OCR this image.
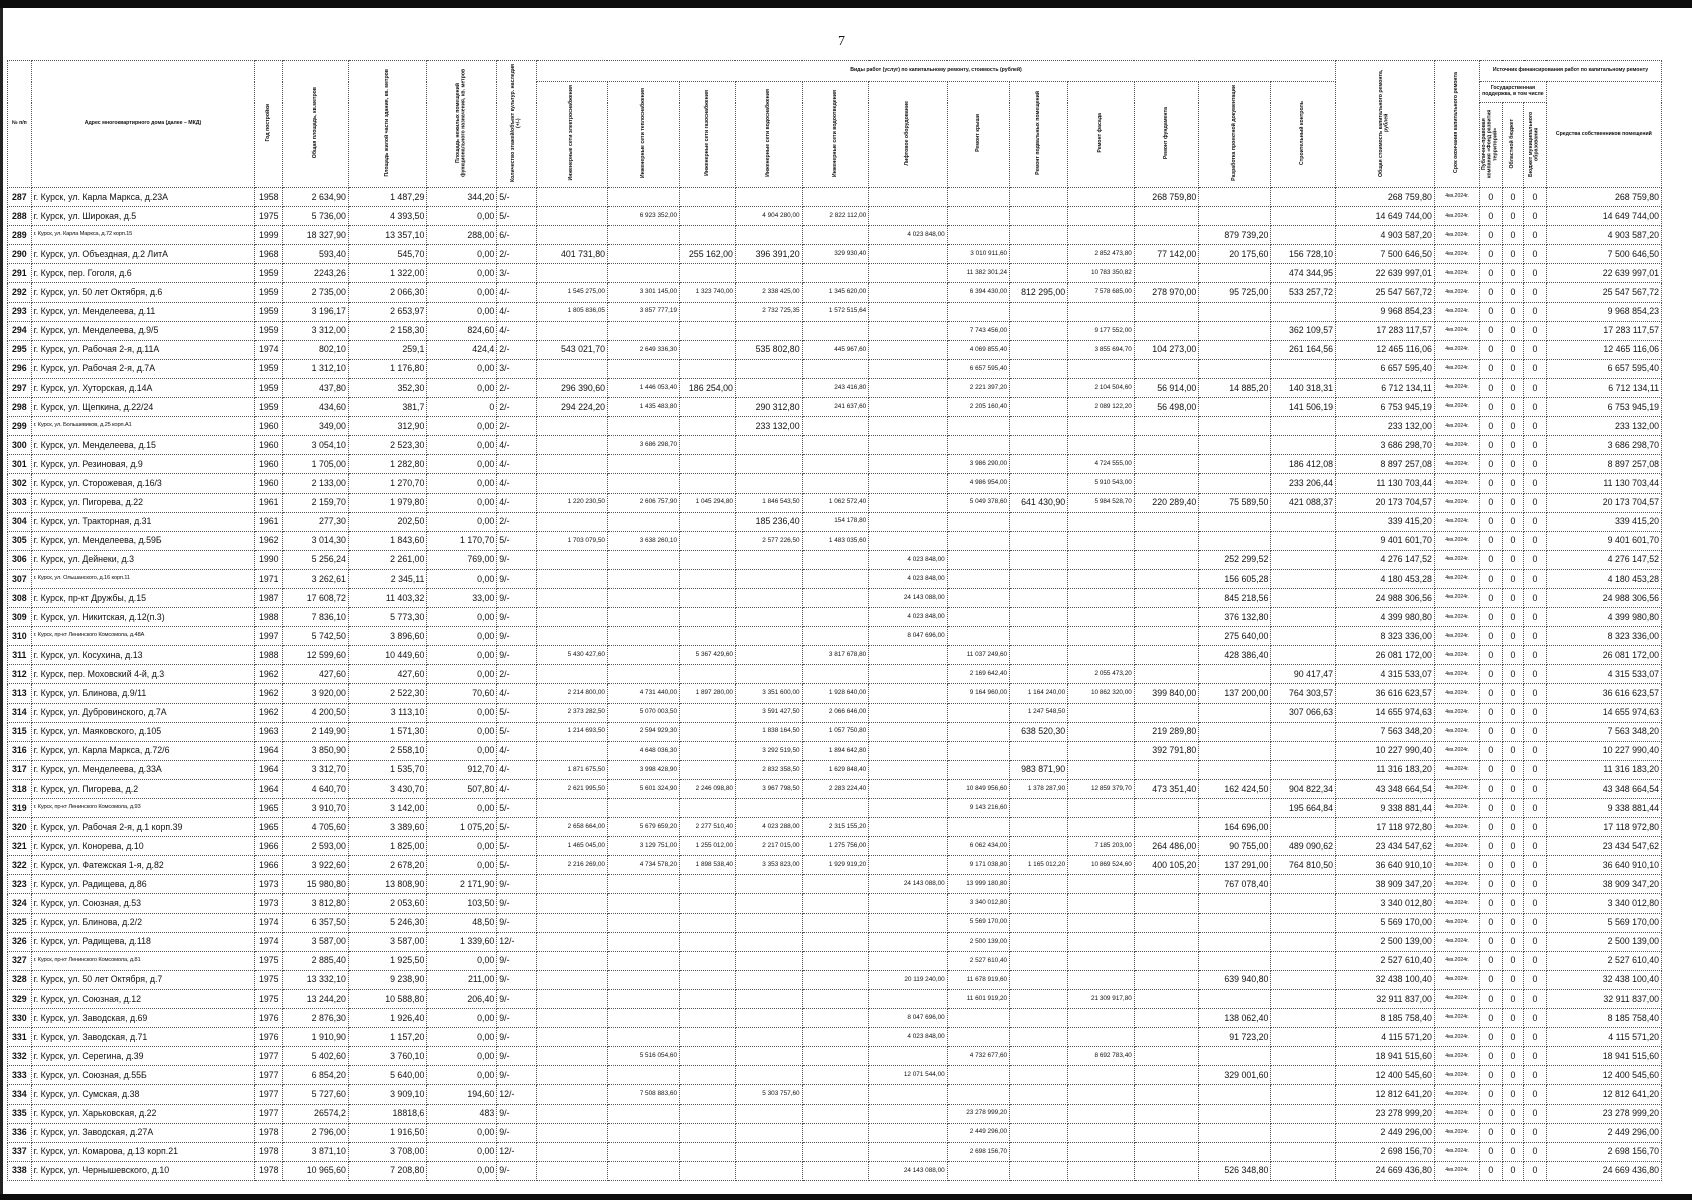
7
№ п/п	Адрес многоквартирного дома (далее – МКД)	Год постройки	Общая площадь, кв.метров	Площадь жилой части здания, кв. метров	Площадь нежилых помещений функционального назначения, кв. метров	Количество этажей/объект культур. наследия (+/-)	Виды работ (услуг) по капитальному ремонту, стоимость (рублей)												Общая стоимость капитального ремонта, рублей	Срок окончания капитального ремонта	Источник финансирования работ по капитальному ремонту			
							Инженерные сети электроснабжения	Инженерные сети теплоснабжения	Инженерные сети газоснабжения	Инженерные сети водоснабжения	Инженерные сети водоотведения	Лифтовое оборудование	Ремонт крыши	Ремонт подвальных помещений	Ремонт фасада	Ремонт фундамента	Разработка проектной документации	Строительный контроль			Государственная поддержка, в том числе			Средства собственников помещений
																					Публично-правовая компания «Фонд развития территорий»	Областной бюджет	Бюджет муниципального образования	
287	г. Курск, ул. Карла Маркса, д.23А	1958	2 634,90	1 487,29	344,20	5/-										268 759,80			268 759,80	4кв.2024г.	0	0	0	268 759,80
288	г. Курск, ул. Широкая, д.5	1975	5 736,00	4 393,50	0,00	5/-		6 923 352,00		4 904 280,00	2 822 112,00								14 649 744,00	4кв.2024г.	0	0	0	14 649 744,00
289	г. Курск, ул. Карла Маркса, д.72 корп.15	1999	18 327,90	13 357,10	288,00	6/-						4 023 848,00					879 739,20		4 903 587,20	4кв.2024г.	0	0	0	4 903 587,20
290	г. Курск, ул. Объездная, д.2 ЛитА	1968	593,40	545,70	0,00	2/-	401 731,80		255 162,00	396 391,20	329 930,40		3 010 911,60		2 852 473,80	77 142,00	20 175,60	156 728,10	7 500 646,50	4кв.2024г.	0	0	0	7 500 646,50
291	г. Курск, пер. Гоголя, д.6	1959	2243,26	1 322,00	0,00	3/-							11 382 301,24		10 783 350,82			474 344,95	22 639 997,01	4кв.2024г.	0	0	0	22 639 997,01
292	г. Курск, ул. 50 лет Октября, д.6	1959	2 735,00	2 066,30	0,00	4/-	1 545 275,00	3 301 145,00	1 323 740,00	2 338 425,00	1 345 620,00		6 394 430,00	812 295,00	7 578 685,00	278 970,00	95 725,00	533 257,72	25 547 567,72	4кв.2024г.	0	0	0	25 547 567,72
293	г. Курск, ул. Менделеева, д.11	1959	3 196,17	2 653,97	0,00	4/-	1 805 836,05	3 857 777,19		2 732 725,35	1 572 515,64								9 968 854,23	4кв.2024г.	0	0	0	9 968 854,23
294	г. Курск, ул. Менделеева, д.9/5	1959	3 312,00	2 158,30	824,60	4/-							7 743 456,00		9 177 552,00			362 109,57	17 283 117,57	4кв.2024г.	0	0	0	17 283 117,57
295	г. Курск, ул. Рабочая 2-я, д.11А	1974	802,10	259,1	424,4	2/-	543 021,70	2 649 336,30		535 802,80	445 967,60		4 069 855,40		3 855 694,70	104 273,00		261 164,56	12 465 116,06	4кв.2024г.	0	0	0	12 465 116,06
296	г. Курск, ул. Рабочая 2-я, д.7А	1959	1 312,10	1 176,80	0,00	3/-							6 657 595,40						6 657 595,40	4кв.2024г.	0	0	0	6 657 595,40
297	г. Курск, ул. Хуторская, д.14А	1959	437,80	352,30	0,00	2/-	296 390,60	1 446 053,40	186 254,00		243 416,80		2 221 397,20		2 104 504,60	56 914,00	14 885,20	140 318,31	6 712 134,11	4кв.2024г.	0	0	0	6 712 134,11
298	г. Курск, ул. Щепкина, д.22/24	1959	434,60	381,7	0	2/-	294 224,20	1 435 483,80		290 312,80	241 637,60		2 205 160,40		2 089 122,20	56 498,00		141 506,19	6 753 945,19	4кв.2024г.	0	0	0	6 753 945,19
299	г. Курск, ул. Большевиков, д.25 корп.А1	1960	349,00	312,90	0,00	2/-				233 132,00									233 132,00	4кв.2024г.	0	0	0	233 132,00
300	г. Курск, ул. Менделеева, д.15	1960	3 054,10	2 523,30	0,00	4/-		3 686 298,70											3 686 298,70	4кв.2024г.	0	0	0	3 686 298,70
301	г. Курск, ул. Резиновая, д.9	1960	1 705,00	1 282,80	0,00	4/-							3 986 290,00		4 724 555,00			186 412,08	8 897 257,08	4кв.2024г.	0	0	0	8 897 257,08
302	г. Курск, ул. Сторожевая, д.16/3	1960	2 133,00	1 270,70	0,00	4/-							4 986 954,00		5 910 543,00			233 206,44	11 130 703,44	4кв.2024г.	0	0	0	11 130 703,44
303	г. Курск, ул. Пигорева, д.22	1961	2 159,70	1 979,80	0,00	4/-	1 220 230,50	2 606 757,90	1 045 294,80	1 846 543,50	1 062 572,40		5 049 378,60	641 430,90	5 984 528,70	220 289,40	75 589,50	421 088,37	20 173 704,57	4кв.2024г.	0	0	0	20 173 704,57
304	г. Курск, ул. Тракторная, д.31	1961	277,30	202,50	0,00	2/-				185 236,40	154 178,80								339 415,20	4кв.2024г.	0	0	0	339 415,20
305	г. Курск, ул. Менделеева, д.59Б	1962	3 014,30	1 843,60	1 170,70	5/-	1 703 079,50	3 638 260,10		2 577 226,50	1 483 035,60								9 401 601,70	4кв.2024г.	0	0	0	9 401 601,70
306	г. Курск, ул. Дейнеки, д.3	1990	5 256,24	2 261,00	769,00	9/-						4 023 848,00					252 299,52		4 276 147,52	4кв.2024г.	0	0	0	4 276 147,52
307	г. Курск, ул. Ольшанского, д.16 корп.11	1971	3 262,61	2 345,11	0,00	9/-						4 023 848,00					156 605,28		4 180 453,28	4кв.2024г.	0	0	0	4 180 453,28
308	г. Курск, пр-кт Дружбы, д.15	1987	17 608,72	11 403,32	33,00	9/-						24 143 088,00					845 218,56		24 988 306,56	4кв.2024г.	0	0	0	24 988 306,56
309	г. Курск, ул. Никитская, д.12(п.3)	1988	7 836,10	5 773,30	0,00	9/-						4 023 848,00					376 132,80		4 399 980,80	4кв.2024г.	0	0	0	4 399 980,80
310	г. Курск, пр-кт Ленинского Комсомола, д.48А	1997	5 742,50	3 896,60	0,00	9/-						8 047 696,00					275 640,00		8 323 336,00	4кв.2024г.	0	0	0	8 323 336,00
311	г. Курск, ул. Косухина, д.13	1988	12 599,60	10 449,60	0,00	9/-	5 430 427,60		5 367 429,60		3 817 678,80		11 037 249,60				428 386,40		26 081 172,00	4кв.2024г.	0	0	0	26 081 172,00
312	г. Курск, пер. Моховский 4-й, д.3	1962	427,60	427,60	0,00	2/-							2 169 642,40		2 055 473,20			90 417,47	4 315 533,07	4кв.2024г.	0	0	0	4 315 533,07
313	г. Курск, ул. Блинова, д.9/11	1962	3 920,00	2 522,30	70,60	4/-	2 214 800,00	4 731 440,00	1 897 280,00	3 351 600,00	1 928 640,00		9 164 960,00	1 164 240,00	10 862 320,00	399 840,00	137 200,00	764 303,57	36 616 623,57	4кв.2024г.	0	0	0	36 616 623,57
314	г. Курск, ул. Дубровинского, д.7А	1962	4 200,50	3 113,10	0,00	5/-	2 373 282,50	5 070 003,50		3 591 427,50	2 066 646,00			1 247 548,50				307 066,63	14 655 974,63	4кв.2024г.	0	0	0	14 655 974,63
315	г. Курск, ул. Маяковского, д.105	1963	2 149,90	1 571,30	0,00	5/-	1 214 693,50	2 594 929,30		1 838 164,50	1 057 750,80			638 520,30		219 289,80			7 563 348,20	4кв.2024г.	0	0	0	7 563 348,20
316	г. Курск, ул. Карла Маркса, д.72/6	1964	3 850,90	2 558,10	0,00	4/-		4 648 036,30		3 292 519,50	1 894 642,80					392 791,80			10 227 990,40	4кв.2024г.	0	0	0	10 227 990,40
317	г. Курск, ул. Менделеева, д.33А	1964	3 312,70	1 535,70	912,70	4/-	1 871 675,50	3 998 428,90		2 832 358,50	1 629 848,40			983 871,90					11 316 183,20	4кв.2024г.	0	0	0	11 316 183,20
318	г. Курск, ул. Пигорева, д.2	1964	4 640,70	3 430,70	507,80	4/-	2 621 995,50	5 601 324,90	2 246 098,80	3 967 798,50	2 283 224,40		10 849 956,60	1 378 287,90	12 859 379,70	473 351,40	162 424,50	904 822,34	43 348 664,54	4кв.2024г.	0	0	0	43 348 664,54
319	г. Курск, пр-кт Ленинского Комсомола, д.93	1965	3 910,70	3 142,00	0,00	5/-							9 143 216,60					195 664,84	9 338 881,44	4кв.2024г.	0	0	0	9 338 881,44
320	г. Курск, ул. Рабочая 2-я, д.1 корп.39	1965	4 705,60	3 389,60	1 075,20	5/-	2 658 664,00	5 679 659,20	2 277 510,40	4 023 288,00	2 315 155,20						164 696,00		17 118 972,80	4кв.2024г.	0	0	0	17 118 972,80
321	г. Курск, ул. Конорева, д.10	1966	2 593,00	1 825,00	0,00	5/-	1 465 045,00	3 129 751,00	1 255 012,00	2 217 015,00	1 275 756,00		6 062 434,00		7 185 203,00	264 486,00	90 755,00	489 090,62	23 434 547,62	4кв.2024г.	0	0	0	23 434 547,62
322	г. Курск, ул. Фатежская 1-я, д.82	1966	3 922,60	2 678,20	0,00	5/-	2 216 269,00	4 734 578,20	1 898 538,40	3 353 823,00	1 929 919,20		9 171 038,80	1 165 012,20	10 869 524,60	400 105,20	137 291,00	764 810,50	36 640 910,10	4кв.2024г.	0	0	0	36 640 910,10
323	г. Курск, ул. Радищева, д.86	1973	15 980,80	13 808,90	2 171,90	9/-						24 143 088,00	13 999 180,80				767 078,40		38 909 347,20	4кв.2024г.	0	0	0	38 909 347,20
324	г. Курск, ул. Союзная, д.53	1973	3 812,80	2 053,60	103,50	9/-							3 340 012,80						3 340 012,80	4кв.2024г.	0	0	0	3 340 012,80
325	г. Курск, ул. Блинова, д.2/2	1974	6 357,50	5 246,30	48,50	9/-							5 569 170,00						5 569 170,00	4кв.2024г.	0	0	0	5 569 170,00
326	г. Курск, ул. Радищева, д.118	1974	3 587,00	3 587,00	1 339,60	12/-							2 500 139,00						2 500 139,00	4кв.2024г.	0	0	0	2 500 139,00
327	г. Курск, пр-кт Ленинского Комсомола, д.81	1975	2 885,40	1 925,50	0,00	9/-							2 527 610,40						2 527 610,40	4кв.2024г.	0	0	0	2 527 610,40
328	г. Курск, ул. 50 лет Октября, д.7	1975	13 332,10	9 238,90	211,00	9/-						20 119 240,00	11 678 919,60				639 940,80		32 438 100,40	4кв.2024г.	0	0	0	32 438 100,40
329	г. Курск, ул. Союзная, д.12	1975	13 244,20	10 588,80	206,40	9/-							11 601 919,20		21 309 917,80				32 911 837,00	4кв.2024г.	0	0	0	32 911 837,00
330	г. Курск, ул. Заводская, д.69	1976	2 876,30	1 926,40	0,00	9/-						8 047 696,00					138 062,40		8 185 758,40	4кв.2024г.	0	0	0	8 185 758,40
331	г. Курск, ул. Заводская, д.71	1976	1 910,90	1 157,20	0,00	9/-						4 023 848,00					91 723,20		4 115 571,20	4кв.2024г.	0	0	0	4 115 571,20
332	г. Курск, ул. Серегина, д.39	1977	5 402,60	3 760,10	0,00	9/-		5 516 054,60					4 732 677,60		8 692 783,40				18 941 515,60	4кв.2024г.	0	0	0	18 941 515,60
333	г. Курск, ул. Союзная, д.55Б	1977	6 854,20	5 640,00	0,00	9/-						12 071 544,00					329 001,60		12 400 545,60	4кв.2024г.	0	0	0	12 400 545,60
334	г. Курск, ул. Сумская, д.38	1977	5 727,60	3 909,10	194,60	12/-		7 508 883,60		5 303 757,60									12 812 641,20	4кв.2024г.	0	0	0	12 812 641,20
335	г. Курск, ул. Харьковская, д.22	1977	26574,2	18818,6	483	9/-							23 278 999,20						23 278 999,20	4кв.2024г.	0	0	0	23 278 999,20
336	г. Курск, ул. Заводская, д.27А	1978	2 796,00	1 916,50	0,00	9/-							2 449 296,00						2 449 296,00	4кв.2024г.	0	0	0	2 449 296,00
337	г. Курск, ул. Комарова, д.13 корп.21	1978	3 871,10	3 708,00	0,00	12/-							2 698 156,70						2 698 156,70	4кв.2024г.	0	0	0	2 698 156,70
338	г. Курск, ул. Чернышевского, д.10	1978	10 965,60	7 208,80	0,00	9/-						24 143 088,00					526 348,80		24 669 436,80	4кв.2024г.	0	0	0	24 669 436,80
